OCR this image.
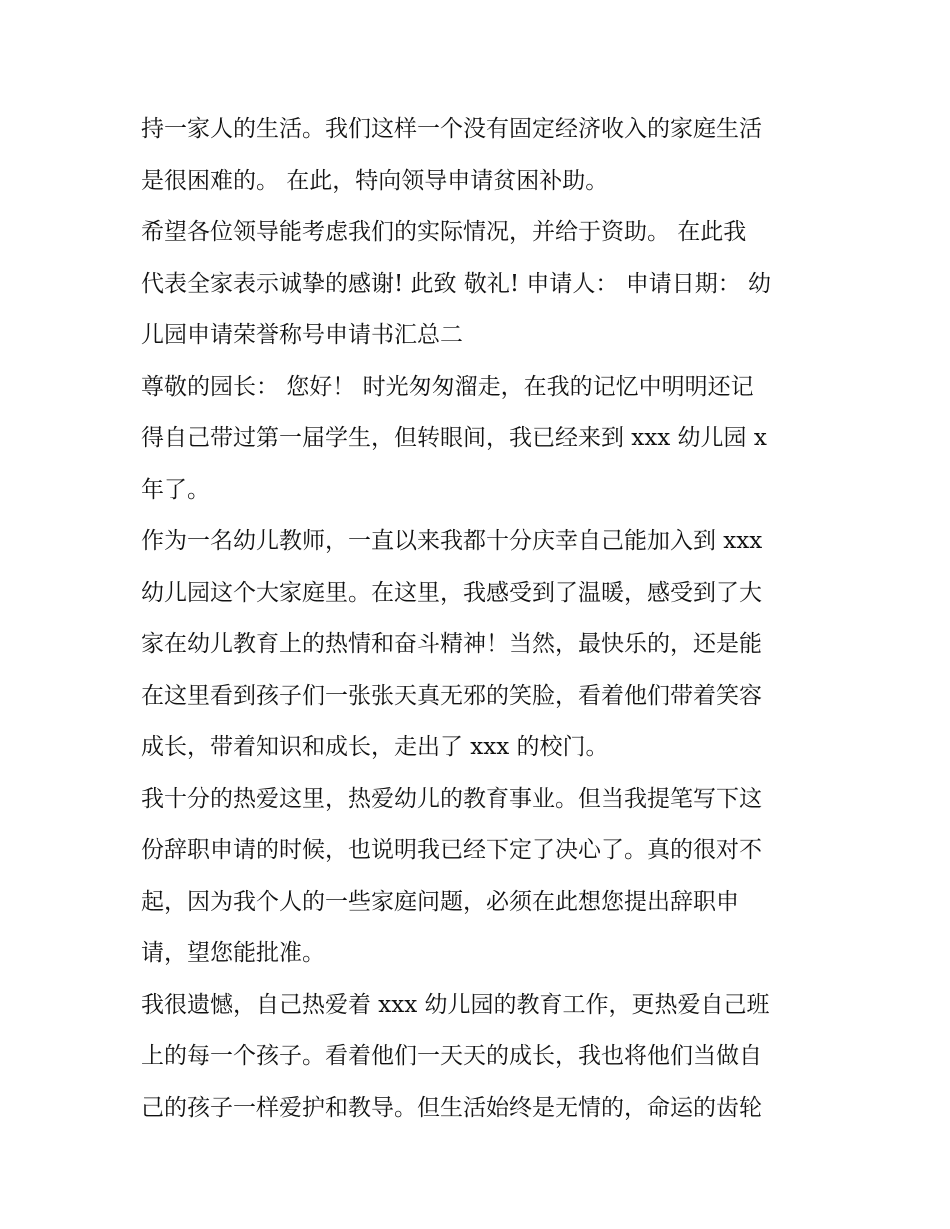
持一家人的生活。我们这样一个没有固定经济收入的家庭生活
是很困难的。 在此，特向领导申请贫困补助。
希望各位领导能考虑我们的实际情况，并给于资助。 在此我
代表全家表示诚挚的感谢! 此致 敬礼! 申请人： 申请日期： 幼
儿园申请荣誉称号申请书汇总二
尊敬的园长： 您好！ 时光匆匆溜走，在我的记忆中明明还记
得自己带过第一届学生，但转眼间，我已经来到 xxx 幼儿园 x
年了。
作为一名幼儿教师，一直以来我都十分庆幸自己能加入到 xxx
幼儿园这个大家庭里。在这里，我感受到了温暖，感受到了大
家在幼儿教育上的热情和奋斗精神！当然，最快乐的，还是能
在这里看到孩子们一张张天真无邪的笑脸，看着他们带着笑容
成长，带着知识和成长，走出了 xxx 的校门。
我十分的热爱这里，热爱幼儿的教育事业。但当我提笔写下这
份辞职申请的时候，也说明我已经下定了决心了。真的很对不
起，因为我个人的一些家庭问题，必须在此想您提出辞职申
请，望您能批准。
我很遗憾，自己热爱着 xxx 幼儿园的教育工作，更热爱自己班
上的每一个孩子。看着他们一天天的成长，我也将他们当做自
己的孩子一样爱护和教导。但生活始终是无情的，命运的齿轮
